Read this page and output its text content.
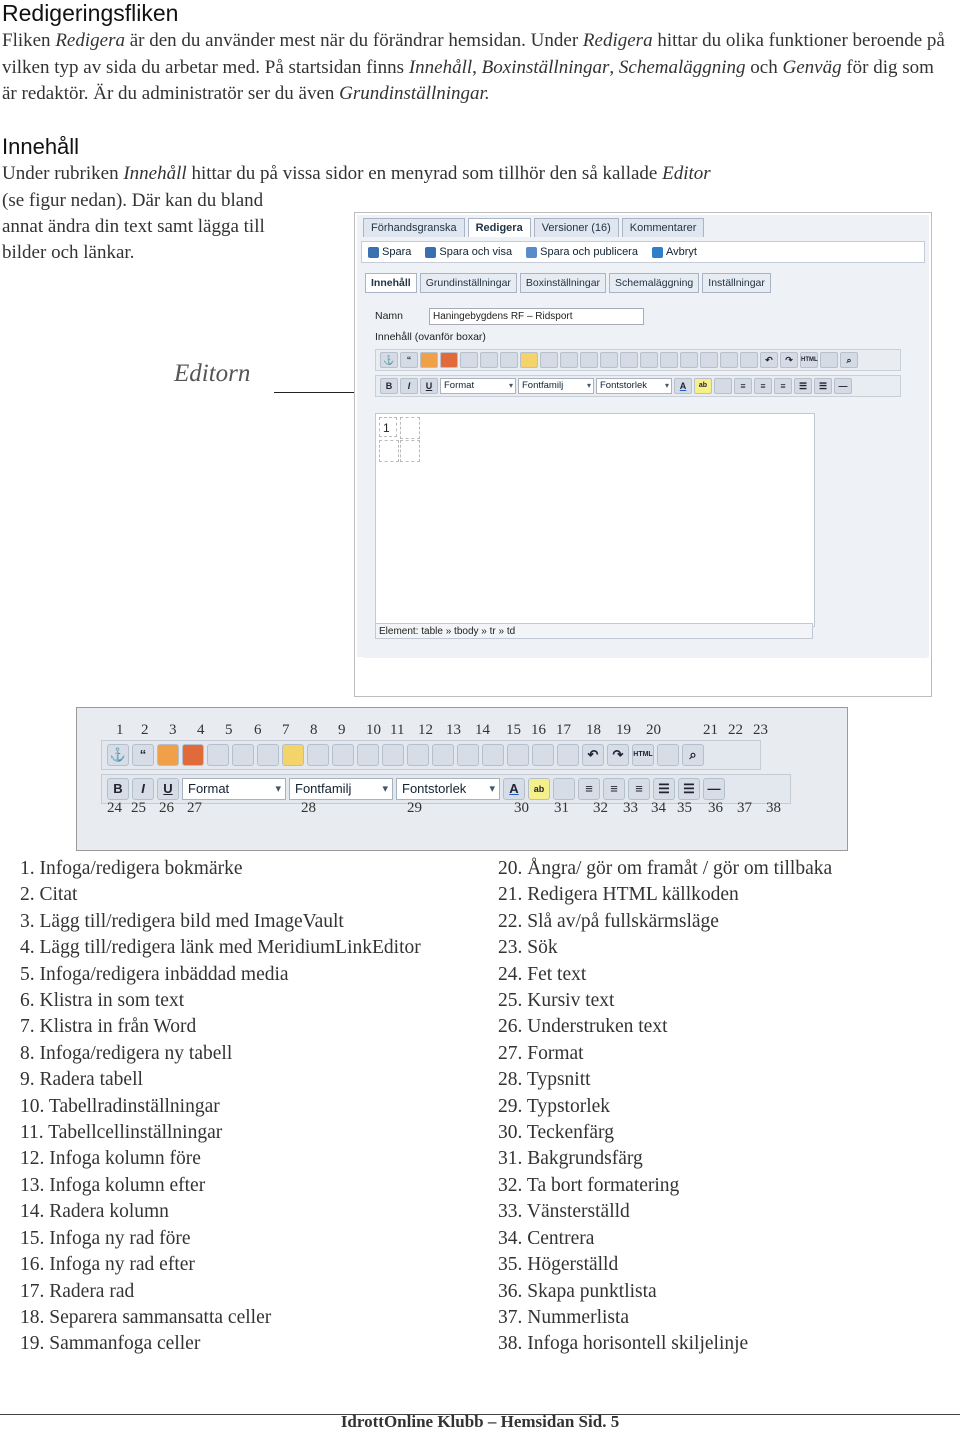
Redigeringsfliken
Fliken Redigera är den du använder mest när du förändrar hemsidan. Under Redigera hittar du olika funktioner beroende på vilken typ av sida du arbetar med. På startsidan finns Innehåll, Boxinställningar, Schemaläggning och Genväg för dig som är redaktör. Är du administratör ser du även Grundinställningar.
Innehåll
Under rubriken Innehåll hittar du på vissa sidor en menyrad som tillhör den så kallade Editor
(se figur nedan). Där kan du bland
annat ändra din text samt lägga till
bilder och länkar.
Editorn
Förhandsgranska	Redigera	Versioner (16)	Kommentarer
Spara	Spara och visa	Spara och publicera	Avbryt
Innehåll	Grundinställningar	Boxinställningar	Schemaläggning	Inställningar
Namn	Haningebygdens RF – Ridsport
Innehåll (ovanför boxar)
⚓	“	↶	↷	HTML	⌕
B	I	U	Format ▾	Fontfamilj ▾	Fontstorlek ▾	A	ab	≡	≡	≡	☰	☰	—
1
Element: table » tbody » tr » td
1 2 3 4 5 6 7 8 9 10 11 12 13 14 15 16 17 18 19 20	21 22 23
⚓	“	↶	↷	HTML	⌕
B	I	U	Format ▾	Fontfamilj ▾	Fontstorlek ▾	A	ab	≡	≡	≡	☰	☰ —
24 25 26 27	28	29	30 31 32 33 34 35 36 37 38
1. Infoga/redigera bokmärke
2. Citat
3. Lägg till/redigera bild med ImageVault
4. Lägg till/redigera länk med MeridiumLinkEditor
5. Infoga/redigera inbäddad media
6. Klistra in som text
7. Klistra in från Word
8. Infoga/redigera ny tabell
9. Radera tabell
10. Tabellradinställningar
11. Tabellcellinställningar
12. Infoga kolumn före
13. Infoga kolumn efter
14. Radera kolumn
15. Infoga ny rad före
16. Infoga ny rad efter
17. Radera rad
18. Separera sammansatta celler
19. Sammanfoga celler
20. Ångra/ gör om framåt / gör om tillbaka
21. Redigera HTML källkoden
22. Slå av/på fullskärmsläge
23. Sök
24. Fet text
25. Kursiv text
26. Understruken text
27. Format
28. Typsnitt
29. Typstorlek
30. Teckenfärg
31. Bakgrundsfärg
32. Ta bort formatering
33. Vänsterställd
34. Centrera
35. Högerställd
36. Skapa punktlista
37. Nummerlista
38. Infoga horisontell skiljelinje
IdrottOnline Klubb – Hemsidan Sid. 5
